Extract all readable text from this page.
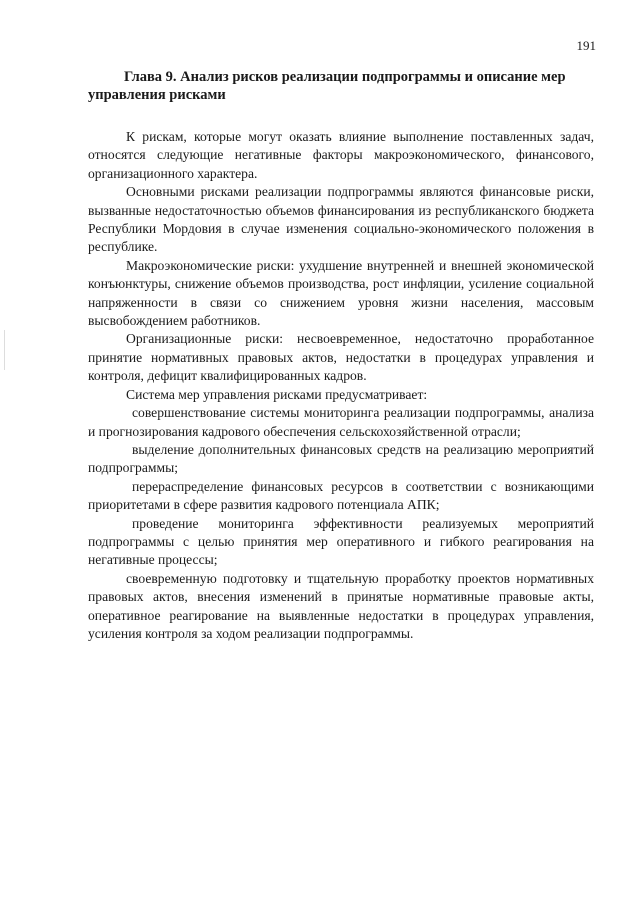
191
Глава 9. Анализ рисков реализации подпрограммы и описание мер управления рисками

К рискам, которые могут оказать влияние выполнение поставленных задач, относятся следующие негативные факторы макроэкономического, финансового, организационного характера.

Основными рисками реализации подпрограммы являются финансовые риски, вызванные недостаточностью объемов финансирования из республиканского бюджета Республики Мордовия в случае изменения социально-экономического положения в республике.

Макроэкономические риски: ухудшение внутренней и внешней экономической конъюнктуры, снижение объемов производства, рост инфляции, усиление социальной напряженности в связи со снижением уровня жизни населения, массовым высвобождением работников.

Организационные риски: несвоевременное, недостаточно проработанное принятие нормативных правовых актов, недостатки в процедурах управления и контроля, дефицит квалифицированных кадров.

Система мер управления рисками предусматривает:

совершенствование системы мониторинга реализации подпрограммы, анализа и прогнозирования кадрового обеспечения сельскохозяйственной отрасли;

выделение дополнительных финансовых средств на реализацию мероприятий подпрограммы;

перераспределение финансовых ресурсов в соответствии с возникающими приоритетами в сфере развития кадрового потенциала АПК;

проведение мониторинга эффективности реализуемых мероприятий подпрограммы с целью принятия мер оперативного и гибкого реагирования на негативные процессы;

своевременную подготовку и тщательную проработку проектов нормативных правовых актов, внесения изменений в принятые нормативные правовые акты, оперативное реагирование на выявленные недостатки в процедурах управления, усиления контроля за ходом реализации подпрограммы.
